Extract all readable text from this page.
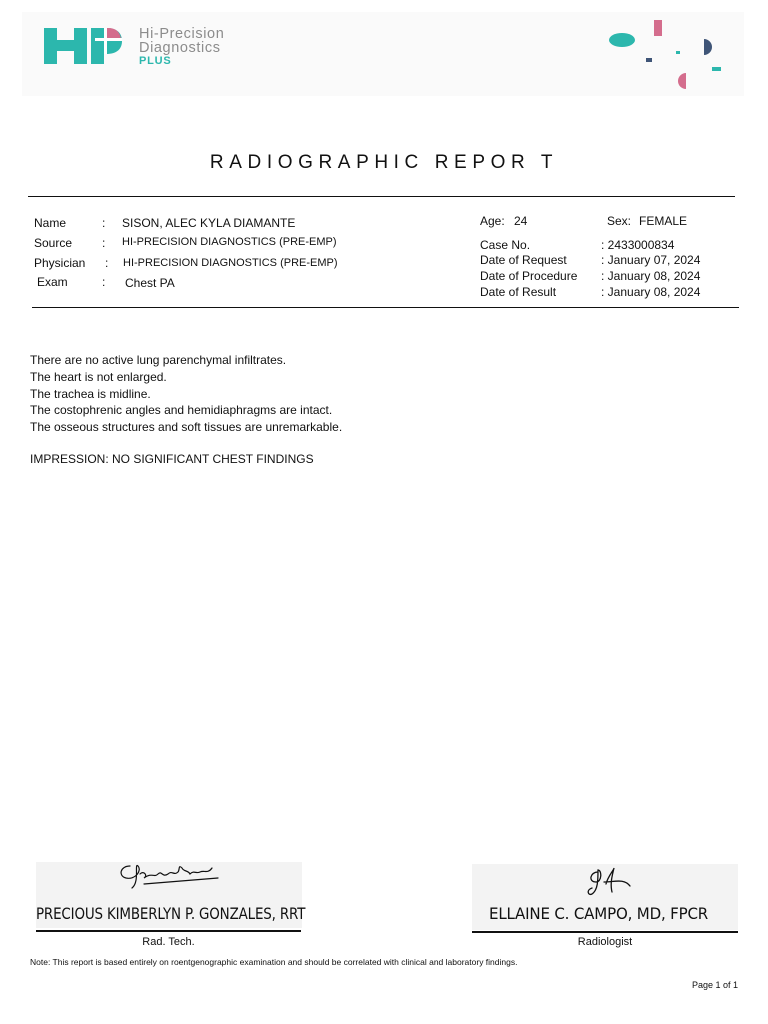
Hi-Precision
Diagnostics
PLUS
RADIOGRAPHIC REPOR T
Name	: SISON, ALEC KYLA DIAMANTE
Source : HI-PRECISION DIAGNOSTICS (PRE-EMP)
Physician : HI-PRECISION DIAGNOSTICS (PRE-EMP)
Exam	: Chest PA
Age: 24	Sex: FEMALE
Case No.	: 2433000834
Date of Request	: January 07, 2024
Date of Procedure : January 08, 2024
Date of Result	: January 08, 2024
There are no active lung parenchymal infiltrates.
The heart is not enlarged.
The trachea is midline.
The costophrenic angles and hemidiaphragms are intact.
The osseous structures and soft tissues are unremarkable.
IMPRESSION: NO SIGNIFICANT CHEST FINDINGS
PRECIOUS KIMBERLYN P. GONZALES, RRT
Rad. Tech.
ELLAINE C. CAMPO, MD, FPCR
Radiologist
Note: This report is based entirely on roentgenographic examination and should be correlated with clinical and laboratory findings.
Page 1 of 1
